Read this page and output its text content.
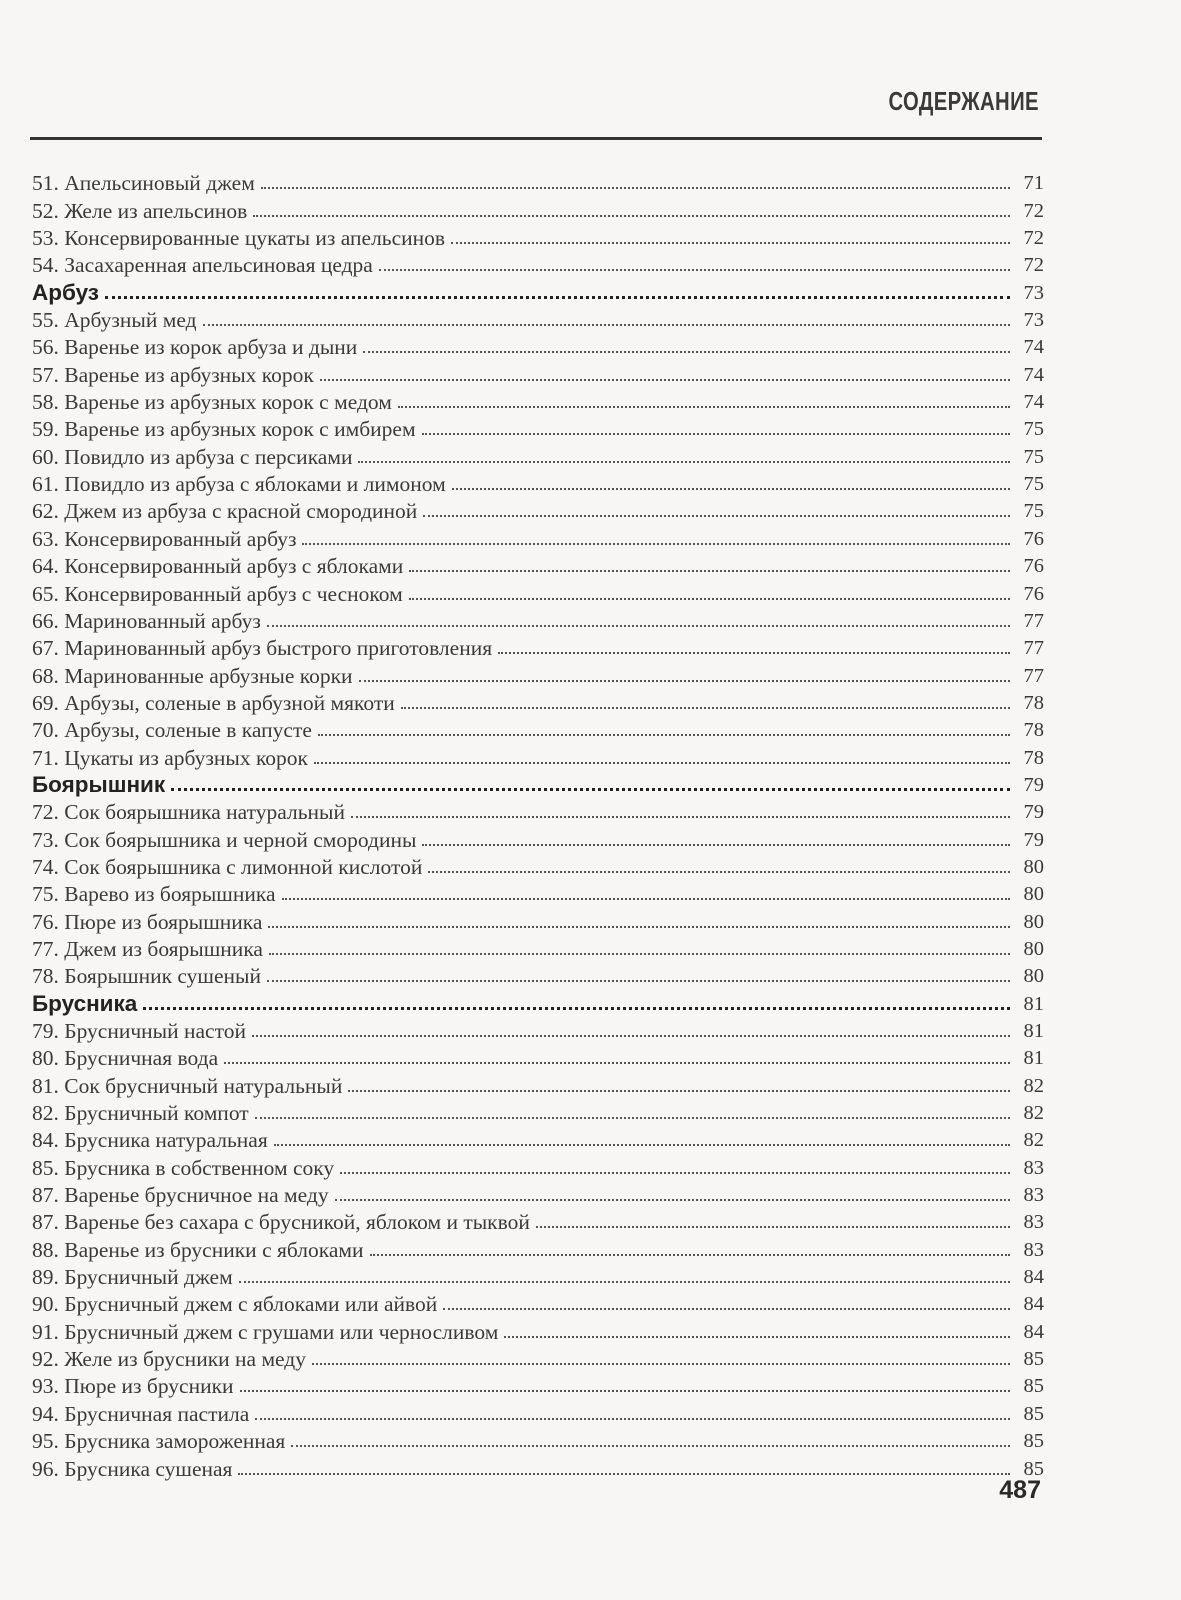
СОДЕРЖАНИЕ
51. Апельсиновый джем	71
52. Желе из апельсинов	72
53. Консервированные цукаты из апельсинов	72
54. Засахаренная апельсиновая цедра	72
Арбуз	73
55. Арбузный мед	73
56. Варенье из корок арбуза и дыни	74
57. Варенье из арбузных корок	74
58. Варенье из арбузных корок с медом	74
59. Варенье из арбузных корок с имбирем	75
60. Повидло из арбуза с персиками	75
61. Повидло из арбуза с яблоками и лимоном	75
62. Джем из арбуза с красной смородиной	75
63. Консервированный арбуз	76
64. Консервированный арбуз с яблоками	76
65. Консервированный арбуз с чесноком	76
66. Маринованный арбуз	77
67. Маринованный арбуз быстрого приготовления	77
68. Маринованные арбузные корки	77
69. Арбузы, соленые в арбузной мякоти	78
70. Арбузы, соленые в капусте	78
71. Цукаты из арбузных корок	78
Боярышник	79
72. Сок боярышника натуральный	79
73. Сок боярышника и черной смородины	79
74. Сок боярышника с лимонной кислотой	80
75. Варево из боярышника	80
76. Пюре из боярышника	80
77. Джем из боярышника	80
78. Боярышник сушеный	80
Брусника	81
79. Брусничный настой	81
80. Брусничная вода	81
81. Сок брусничный натуральный	82
82. Брусничный компот	82
84. Брусника натуральная	82
85. Брусника в собственном соку	83
87. Варенье брусничное на меду	83
87. Варенье без сахара с брусникой, яблоком и тыквой	83
88. Варенье из брусники с яблоками	83
89. Брусничный джем	84
90. Брусничный джем с яблоками или айвой	84
91. Брусничный джем с грушами или черносливом	84
92. Желе из брусники на меду	85
93. Пюре из брусники	85
94. Брусничная пастила	85
95. Брусника замороженная	85
96. Брусника сушеная	85
487
